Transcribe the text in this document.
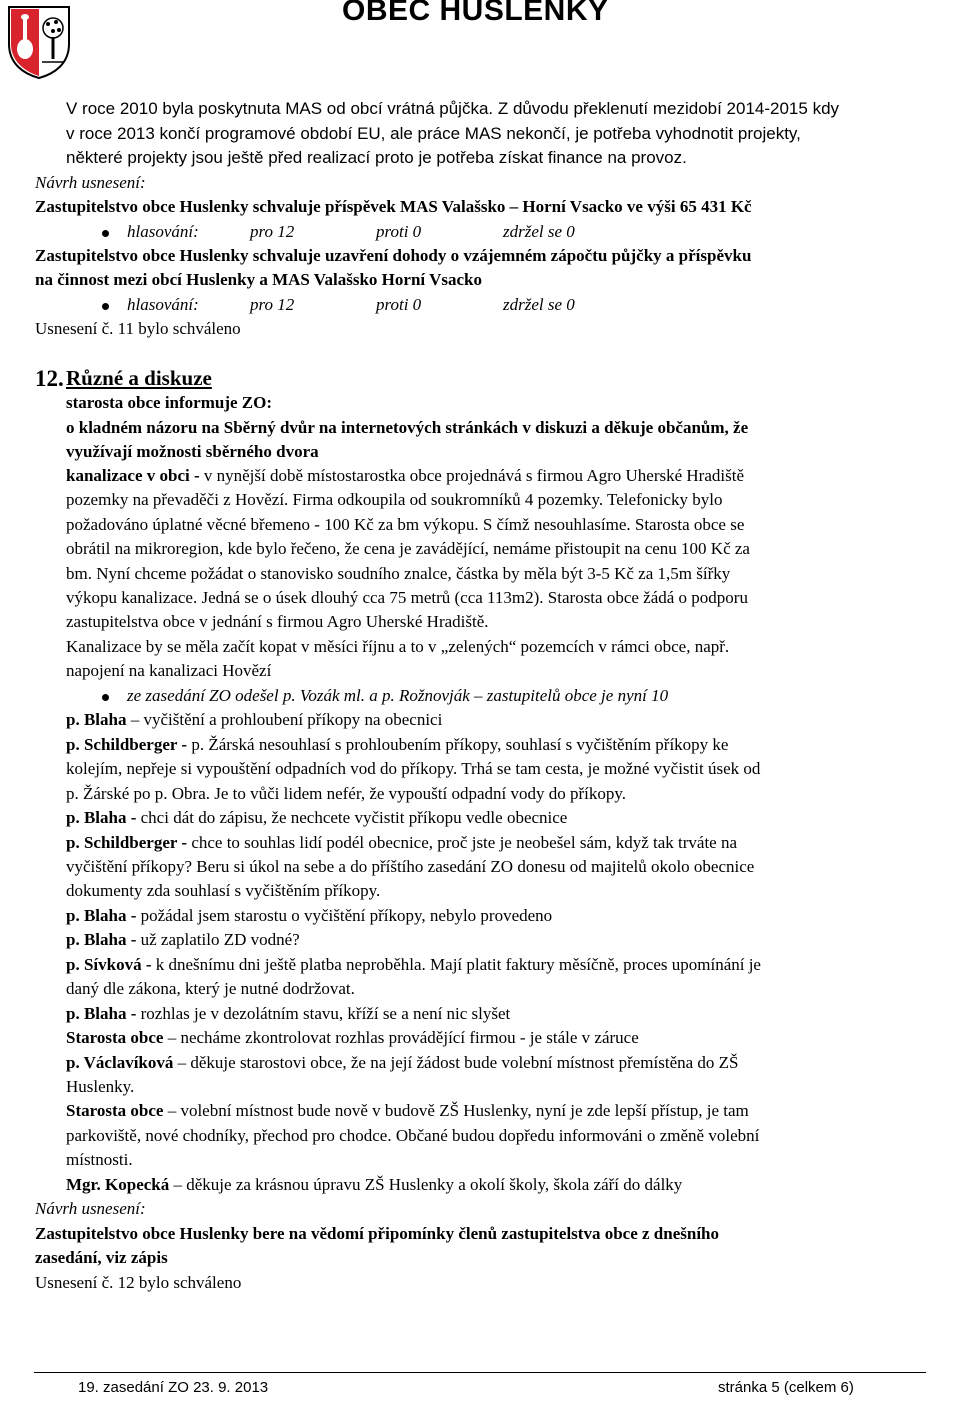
OBEC HUSLENKY
V roce 2010 byla poskytnuta MAS od obcí vrátná půjčka. Z důvodu překlenutí mezidobí 2014-2015 kdy
v roce 2013 končí programové období EU, ale práce MAS nekončí, je potřeba vyhodnotit projekty,
některé projekty jsou ještě před realizací proto je potřeba získat finance na provoz.
Návrh usnesení:
Zastupitelstvo obce Huslenky schvaluje příspěvek MAS Valašsko – Horní Vsacko ve výši 65 431 Kč
hlasování:	pro 12	proti 0	zdržel se 0
Zastupitelstvo obce Huslenky schvaluje uzavření dohody o vzájemném zápočtu půjčky a příspěvku
na činnost mezi obcí Huslenky a MAS Valašsko Horní Vsacko
hlasování:	pro 12	proti 0	zdržel se 0
Usnesení č. 11 bylo schváleno
12. Různé a diskuze
starosta obce informuje ZO:
o kladném názoru na Sběrný dvůr na internetových stránkách v diskuzi a děkuje občanům, že
využívají možnosti sběrného dvora
kanalizace v obci - v nynější době místostarostka obce projednává s firmou Agro Uherské Hradiště
pozemky na převaděči z Hovězí. Firma odkoupila od soukromníků 4 pozemky. Telefonicky bylo
požadováno úplatné věcné břemeno - 100 Kč za bm výkopu. S čímž nesouhlasíme. Starosta obce se
obrátil na mikroregion, kde bylo řečeno, že cena je zavádějící, nemáme přistoupit na cenu 100 Kč za
bm. Nyní chceme požádat o stanovisko soudního znalce, částka by měla být 3-5 Kč za 1,5m šířky
výkopu kanalizace. Jedná se o úsek dlouhý cca 75 metrů (cca 113m2). Starosta obce žádá o podporu
zastupitelstva obce v jednání s firmou Agro Uherské Hradiště.
Kanalizace by se měla začít kopat v měsíci říjnu a to v „zelených“ pozemcích v rámci obce, např.
napojení na kanalizaci Hovězí
ze zasedání ZO odešel p. Vozák ml. a p. Rožnovják – zastupitelů obce je nyní 10
p. Blaha – vyčištění a prohloubení příkopy na obecnici
p. Schildberger - p. Žárská nesouhlasí s prohloubením příkopy, souhlasí s vyčištěním příkopy ke
kolejím, nepřeje si vypouštění odpadních vod do příkopy. Trhá se tam cesta, je možné vyčistit úsek od
p. Žárské po p. Obra. Je to vůči lidem nefér, že vypouští odpadní vody do příkopy.
p. Blaha - chci dát do zápisu, že nechcete vyčistit příkopu vedle obecnice
p. Schildberger - chce to souhlas lidí podél obecnice, proč jste je neobešel sám, když tak trváte na
vyčištění příkopy? Beru si úkol na sebe a do příštího zasedání ZO donesu od majitelů okolo obecnice
dokumenty zda souhlasí s vyčištěním příkopy.
p. Blaha - požádal jsem starostu o vyčištění příkopy, nebylo provedeno
p. Blaha - už zaplatilo ZD vodné?
p. Sívková - k dnešnímu dni ještě platba neproběhla. Mají platit faktury měsíčně, proces upomínání je
daný dle zákona, který je nutné dodržovat.
p. Blaha - rozhlas je v dezolátním stavu, kříží se a není nic slyšet
Starosta obce – necháme zkontrolovat rozhlas provádějící firmou - je stále v záruce
p. Václavíková – děkuje starostovi obce, že na její žádost bude volební místnost přemístěna do ZŠ
Huslenky.
Starosta obce – volební místnost bude nově v budově ZŠ Huslenky, nyní je zde lepší přístup, je tam
parkoviště, nové chodníky, přechod pro chodce. Občané budou dopředu informováni o změně volební
místnosti.
Mgr. Kopecká – děkuje za krásnou úpravu ZŠ Huslenky a okolí školy, škola září do dálky
Návrh usnesení:
Zastupitelstvo obce Huslenky bere na vědomí připomínky členů zastupitelstva obce z dnešního
zasedání, viz zápis
Usnesení č. 12 bylo schváleno
19. zasedání ZO 23. 9. 2013	stránka 5 (celkem 6)
